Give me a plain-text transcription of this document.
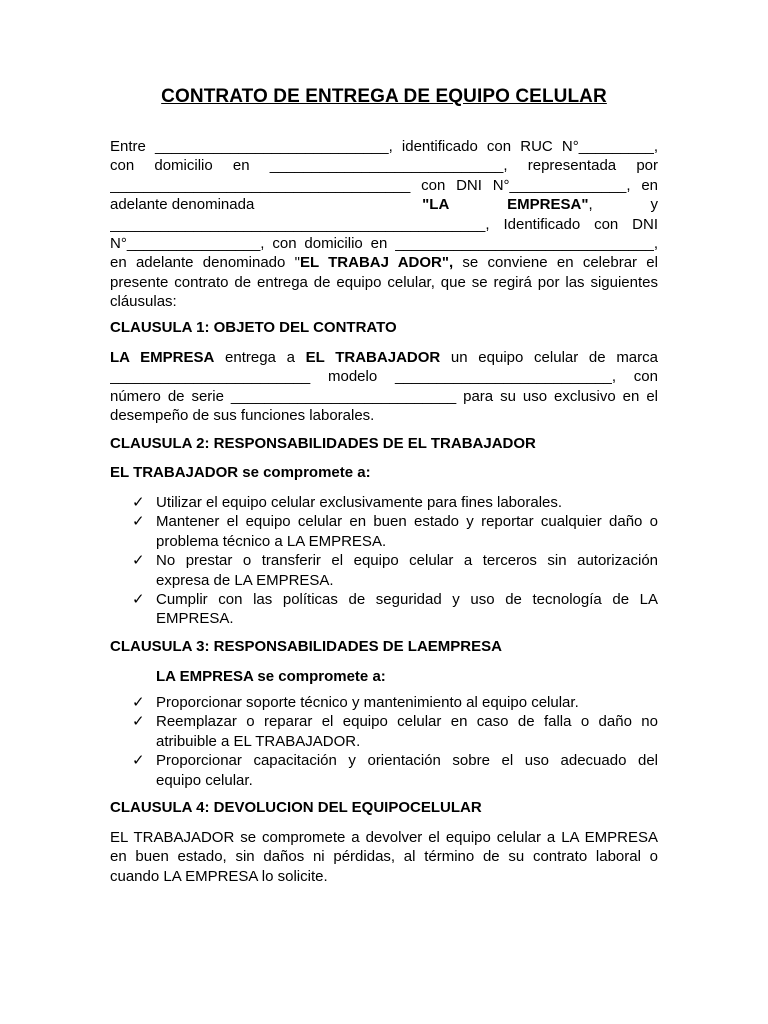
CONTRATO DE ENTREGA DE EQUIPO CELULAR
Entre ____________________________, identificado con RUC N°_________,
con domicilio en ____________________________, representada por
____________________________________ con DNI N°______________, en
adelante denominada	"LA	EMPRESA",	y
_____________________________________________, Identificado con DNI
N°________________, con domicilio en _______________________________,
en adelante denominado "EL TRABAJ ADOR", se conviene en celebrar el
presente contrato de entrega de equipo celular, que se regirá por las siguientes
cláusulas:
CLAUSULA 1: OBJETO DEL CONTRATO
LA EMPRESA entrega a EL TRABAJADOR un equipo celular de marca
________________________ modelo __________________________, con
número de serie ___________________________ para su uso exclusivo en el
desempeño de sus funciones laborales.
CLAUSULA 2: RESPONSABILIDADES DE EL TRABAJADOR
EL TRABAJADOR se compromete a:
✓ Utilizar el equipo celular exclusivamente para fines laborales.
✓ Mantener el equipo celular en buen estado y reportar cualquier daño o
problema técnico a LA EMPRESA.
✓ No prestar o transferir el equipo celular a terceros sin autorización
expresa de LA EMPRESA.
✓ Cumplir con las políticas de seguridad y uso de tecnología de LA
EMPRESA.
CLAUSULA 3: RESPONSABILIDADES DE LAEMPRESA
LA EMPRESA se compromete a:
✓ Proporcionar soporte técnico y mantenimiento al equipo celular.
✓ Reemplazar o reparar el equipo celular en caso de falla o daño no
atribuible a EL TRABAJADOR.
✓ Proporcionar capacitación y orientación sobre el uso adecuado del
equipo celular.
CLAUSULA 4: DEVOLUCION DEL EQUIPOCELULAR
EL TRABAJADOR se compromete a devolver el equipo celular a LA EMPRESA
en buen estado, sin daños ni pérdidas, al término de su contrato laboral o
cuando LA EMPRESA lo solicite.
